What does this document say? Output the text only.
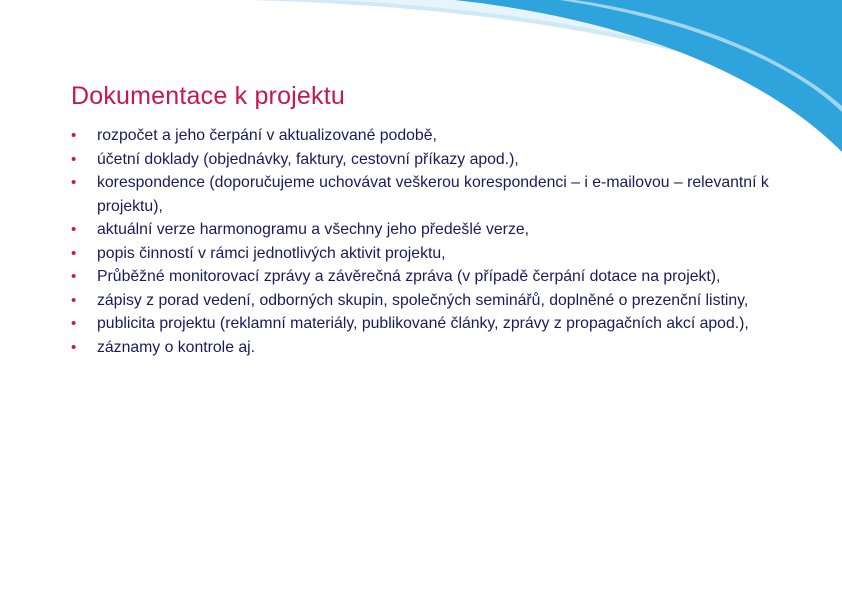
Dokumentace k projektu
• rozpočet a jeho čerpání v aktualizované podobě,
• účetní doklady (objednávky, faktury, cestovní příkazy apod.),
• korespondence (doporučujeme uchovávat veškerou korespondenci – i e-mailovou – relevantní k projektu),
• aktuální verze harmonogramu a všechny jeho předešlé verze,
• popis činností v rámci jednotlivých aktivit projektu,
• Průběžné monitorovací zprávy a závěrečná zpráva (v případě čerpání dotace na projekt),
• zápisy z porad vedení, odborných skupin, společných seminářů, doplněné o prezenční listiny,
• publicita projektu (reklamní materiály, publikované články, zprávy z propagačních akcí apod.),
• záznamy o kontrole aj.
